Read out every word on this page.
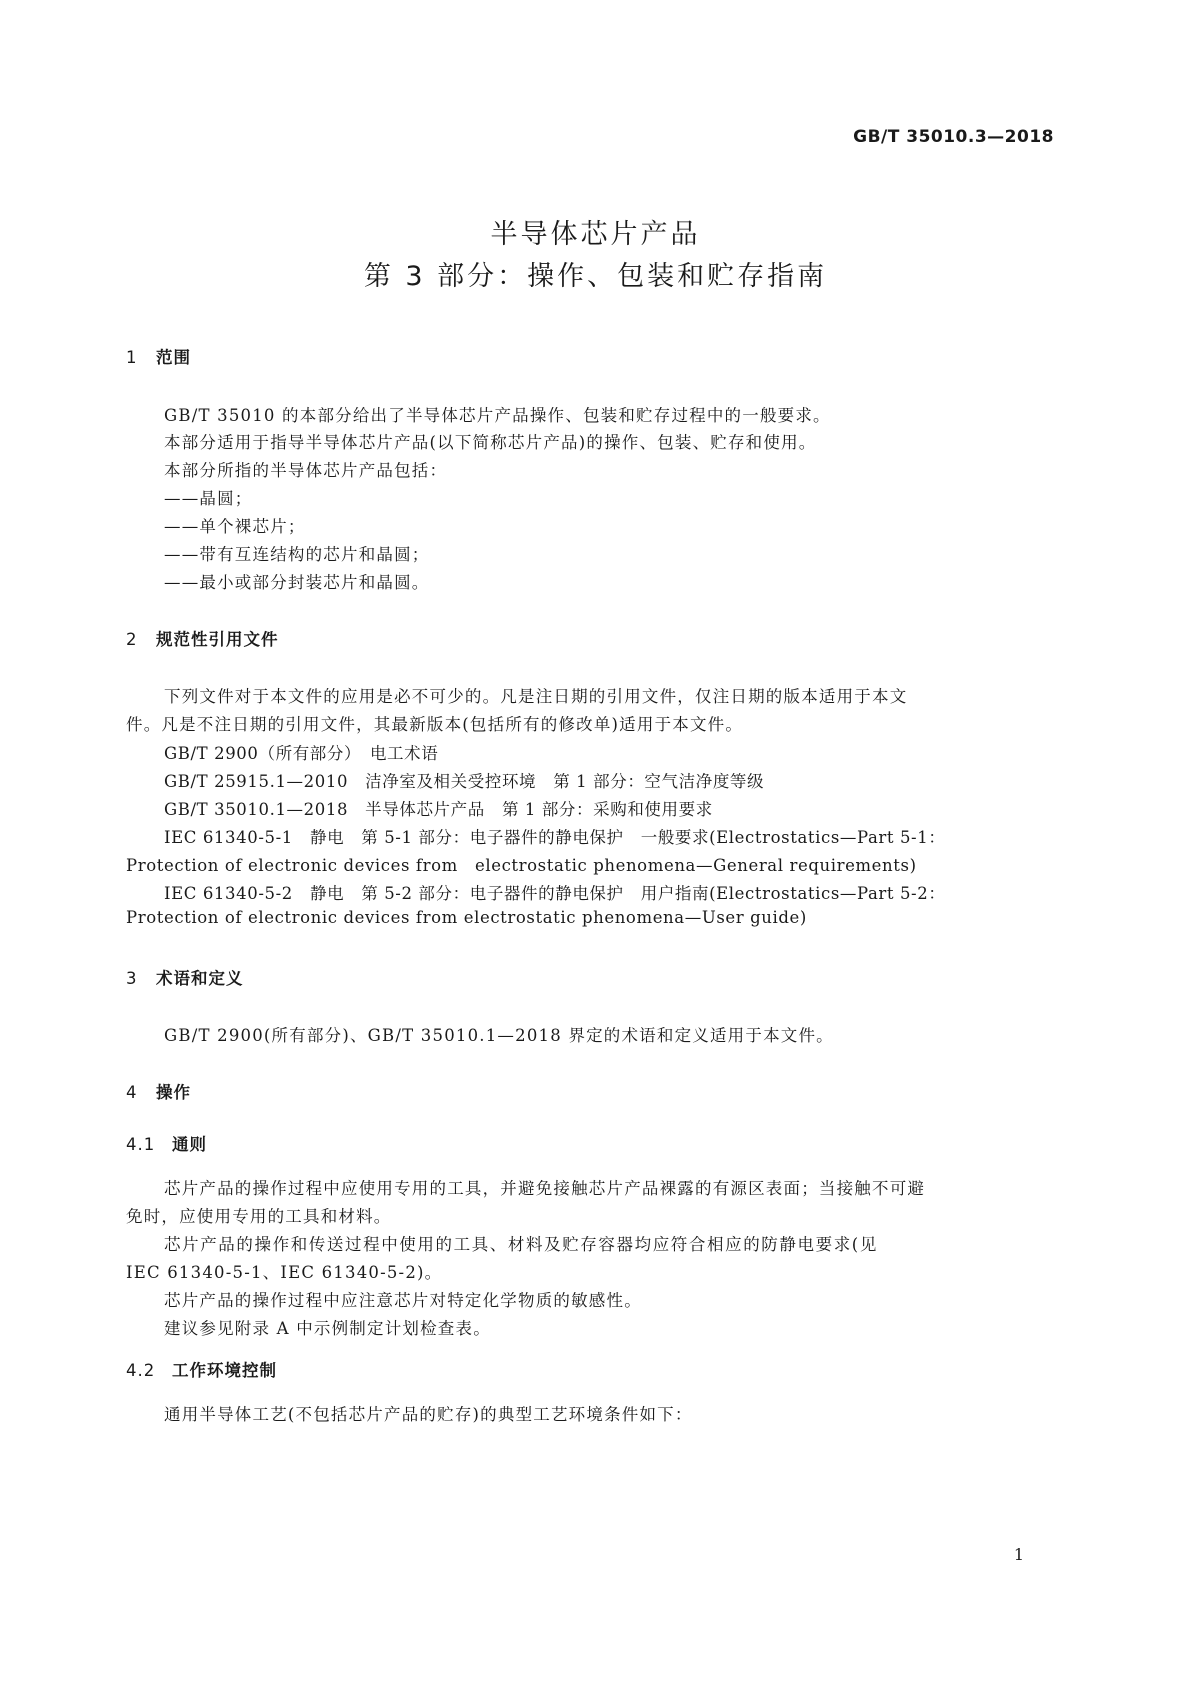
GB/T 35010.3—2018
半导体芯片产品
第 3 部分：操作、包装和贮存指南
1 范围
GB/T 35010 的本部分给出了半导体芯片产品操作、包装和贮存过程中的一般要求。
本部分适用于指导半导体芯片产品(以下简称芯片产品)的操作、包装、贮存和使用。
本部分所指的半导体芯片产品包括：
——晶圆；
——单个裸芯片；
——带有互连结构的芯片和晶圆；
——最小或部分封装芯片和晶圆。
2 规范性引用文件
下列文件对于本文件的应用是必不可少的。凡是注日期的引用文件，仅注日期的版本适用于本文
件。凡是不注日期的引用文件，其最新版本(包括所有的修改单)适用于本文件。
GB/T 2900（所有部分）　电工术语
GB/T 25915.1—2010　洁净室及相关受控环境　第 1 部分：空气洁净度等级
GB/T 35010.1—2018　半导体芯片产品　第 1 部分：采购和使用要求
IEC 61340-5-1　静电　第 5-1 部分：电子器件的静电保护　一般要求(Electrostatics—Part 5-1：
Protection of electronic devices from　electrostatic phenomena—General requirements)
IEC 61340-5-2　静电　第 5-2 部分：电子器件的静电保护　用户指南(Electrostatics—Part 5-2：
Protection of electronic devices from electrostatic phenomena—User guide)
3 术语和定义
GB/T 2900(所有部分)、GB/T 35010.1—2018 界定的术语和定义适用于本文件。
4 操作
4.1 通则
芯片产品的操作过程中应使用专用的工具，并避免接触芯片产品裸露的有源区表面；当接触不可避
免时，应使用专用的工具和材料。
芯片产品的操作和传送过程中使用的工具、材料及贮存容器均应符合相应的防静电要求(见
IEC 61340-5-1、IEC 61340-5-2)。
芯片产品的操作过程中应注意芯片对特定化学物质的敏感性。
建议参见附录 A 中示例制定计划检查表。
4.2 工作环境控制
通用半导体工艺(不包括芯片产品的贮存)的典型工艺环境条件如下：
1
